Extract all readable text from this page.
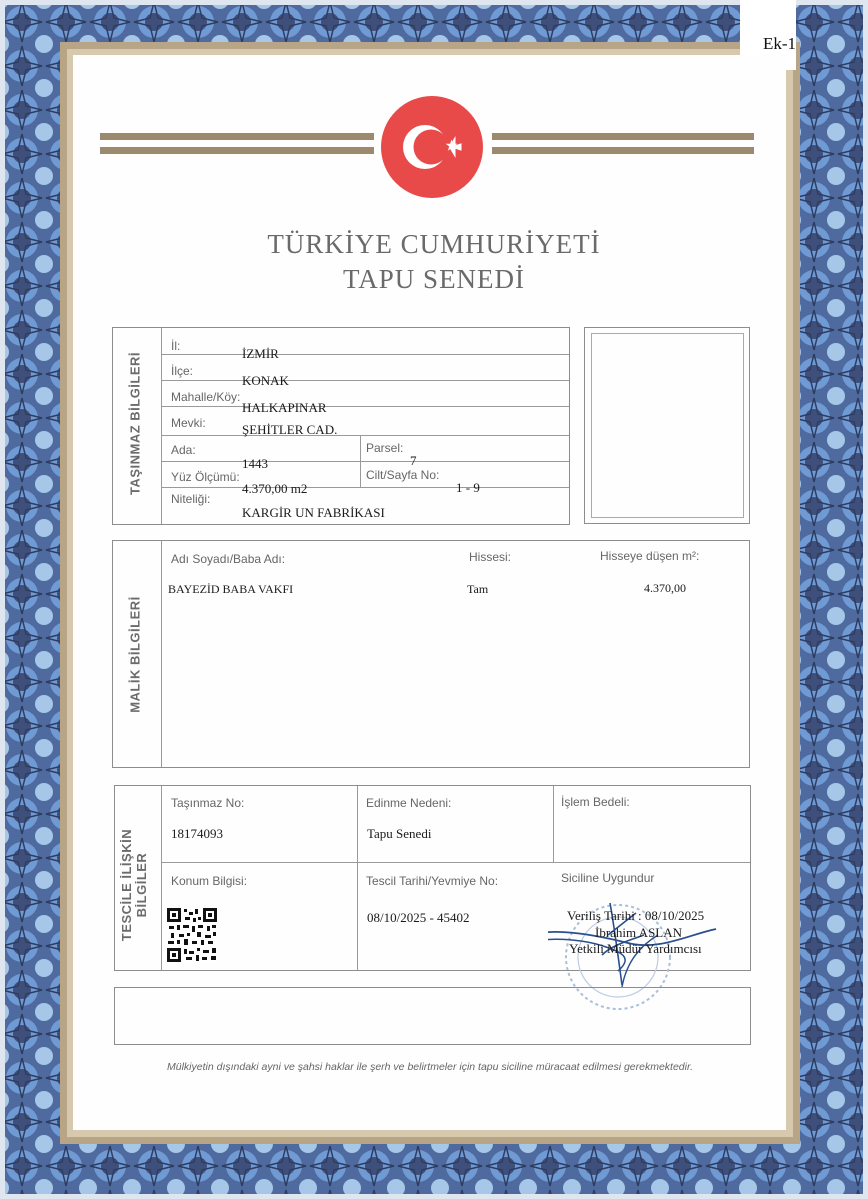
Ek-1
TÜRKİYE CUMHURİYETİ
TAPU SENEDİ
TAŞINMAZ BİLGİLERİ
İl:	İZMİR
İlçe:
KONAK
Mahalle/Köy:
HALKAPINAR
Mevki:	ŞEHİTLER CAD.
Ada:
1443
Parsel:
7
Yüz Ölçümü:
4.370,00 m2
Cilt/Sayfa No:
1 - 9
Niteliği:
KARGİR UN FABRİKASI
MALİK BİLGİLERİ
Adı Soyadı/Baba Adı:	Hissesi:	Hisseye düşen m²:
BAYEZİD BABA VAKFI	Tam	4.370,00
TESCİLE İLİŞKİN BİLGİLER
Taşınmaz No:
18174093
Edinme Nedeni:
Tapu Senedi
İşlem Bedeli:
Konum Bilgisi:	Tescil Tarihi/Yevmiye No:
08/10/2025 - 45402
Siciline Uygundur
Veriliş Tarihi : 08/10/2025
İbrahim ASLAN
Yetkili Müdür Yardımcısı
Mülkiyetin dışındaki ayni ve şahsi haklar ile şerh ve belirtmeler için tapu siciline müracaat edilmesi gerekmektedir.
